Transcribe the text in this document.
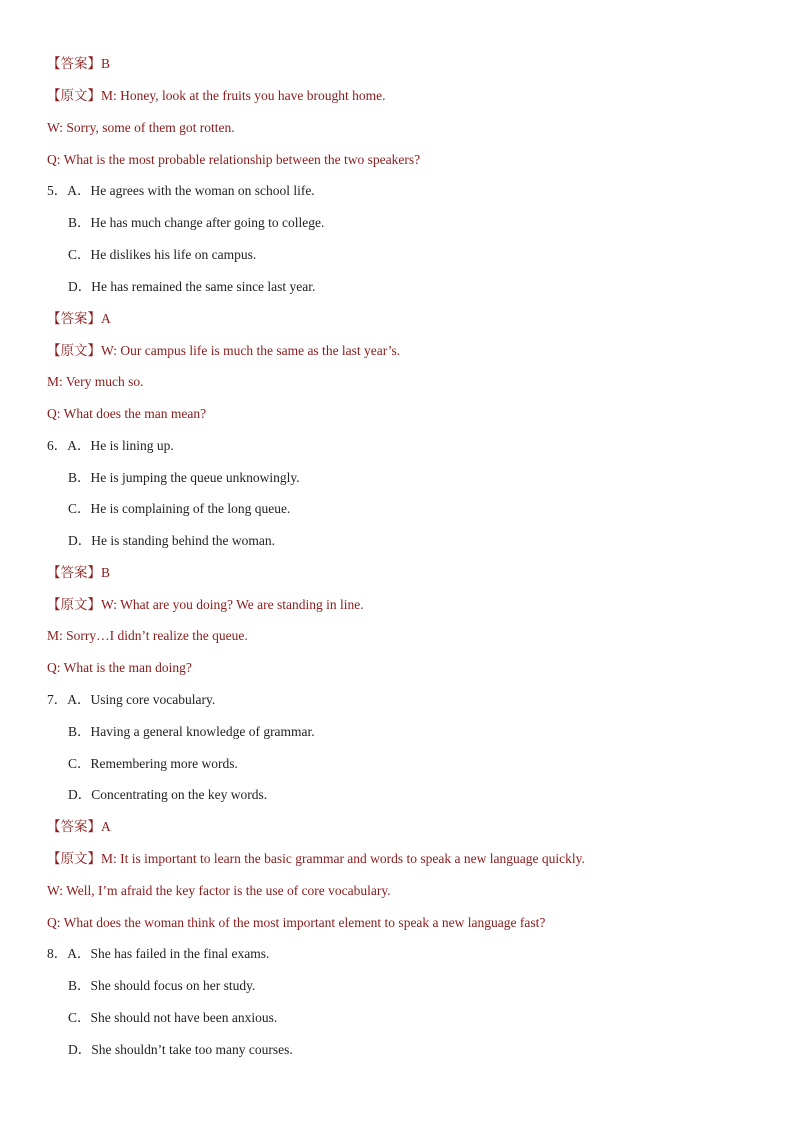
【答案】B
【原文】M: Honey, look at the fruits you have brought home.
W: Sorry, some of them got rotten.
Q: What is the most probable relationship between the two speakers?
5．A．He agrees with the woman on school life.
B．He has much change after going to college.
C．He dislikes his life on campus.
D．He has remained the same since last year.
【答案】A
【原文】W: Our campus life is much the same as the last year’s.
M: Very much so.
Q: What does the man mean?
6．A．He is lining up.
B．He is jumping the queue unknowingly.
C．He is complaining of the long queue.
D．He is standing behind the woman.
【答案】B
【原文】W: What are you doing? We are standing in line.
M: Sorry…I didn’t realize the queue.
Q: What is the man doing?
7．A．Using core vocabulary.
B．Having a general knowledge of grammar.
C．Remembering more words.
D．Concentrating on the key words.
【答案】A
【原文】M: It is important to learn the basic grammar and words to speak a new language quickly.
W: Well, I’m afraid the key factor is the use of core vocabulary.
Q: What does the woman think of the most important element to speak a new language fast?
8．A．She has failed in the final exams.
B．She should focus on her study.
C．She should not have been anxious.
D．She shouldn’t take too many courses.
